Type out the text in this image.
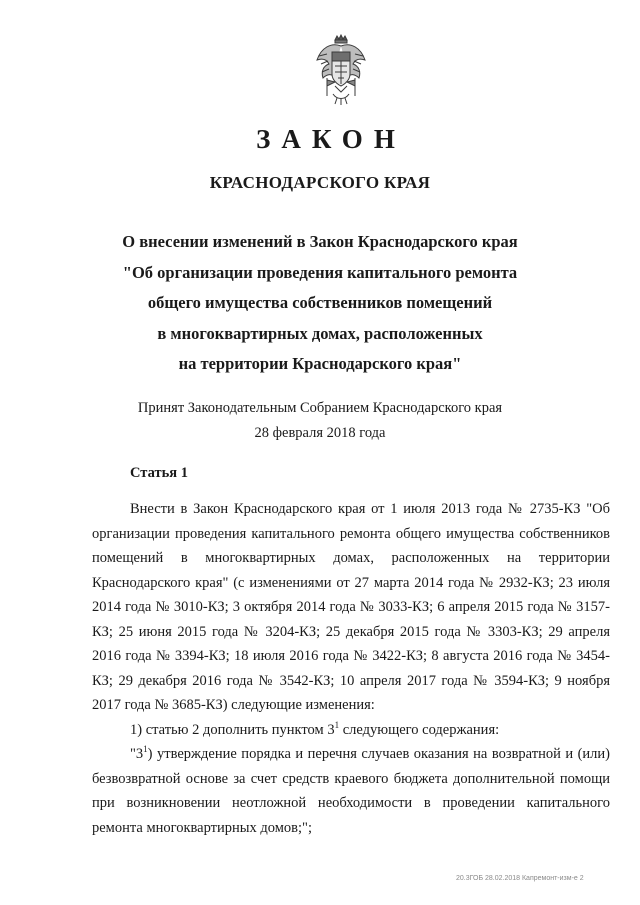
ЗАКОН
КРАСНОДАРСКОГО КРАЯ
О внесении изменений в Закон Краснодарского края
"Об организации проведения капитального ремонта
общего имущества собственников помещений
в многоквартирных домах, расположенных
на территории Краснодарского края"
Принят Законодательным Собранием Краснодарского края
28 февраля 2018 года
Статья 1

Внести в Закон Краснодарского края от 1 июля 2013 года № 2735-КЗ "Об организации проведения капитального ремонта общего имущества собственников помещений в многоквартирных домах, расположенных на территории Краснодарского края" (с изменениями от 27 марта 2014 года № 2932-КЗ; 23 июля 2014 года № 3010-КЗ; 3 октября 2014 года № 3033-КЗ; 6 апреля 2015 года № 3157-КЗ; 25 июня 2015 года № 3204-КЗ; 25 декабря 2015 года № 3303-КЗ; 29 апреля 2016 года № 3394-КЗ; 18 июля 2016 года № 3422-КЗ; 8 августа 2016 года № 3454-КЗ; 29 декабря 2016 года № 3542-КЗ; 10 апреля 2017 года № 3594-КЗ; 9 ноября 2017 года № 3685-КЗ) следующие изменения:

1) статью 2 дополнить пунктом $3^1$ следующего содержания:

"$3^1$) утверждение порядка и перечня случаев оказания на возвратной и (или) безвозвратной основе за счет средств краевого бюджета дополнительной помощи при возникновении неотложной необходимости в проведении капитального ремонта многоквартирных домов;";

20.3ГОБ 28.02.2018 Капремонт-изм-е 2
